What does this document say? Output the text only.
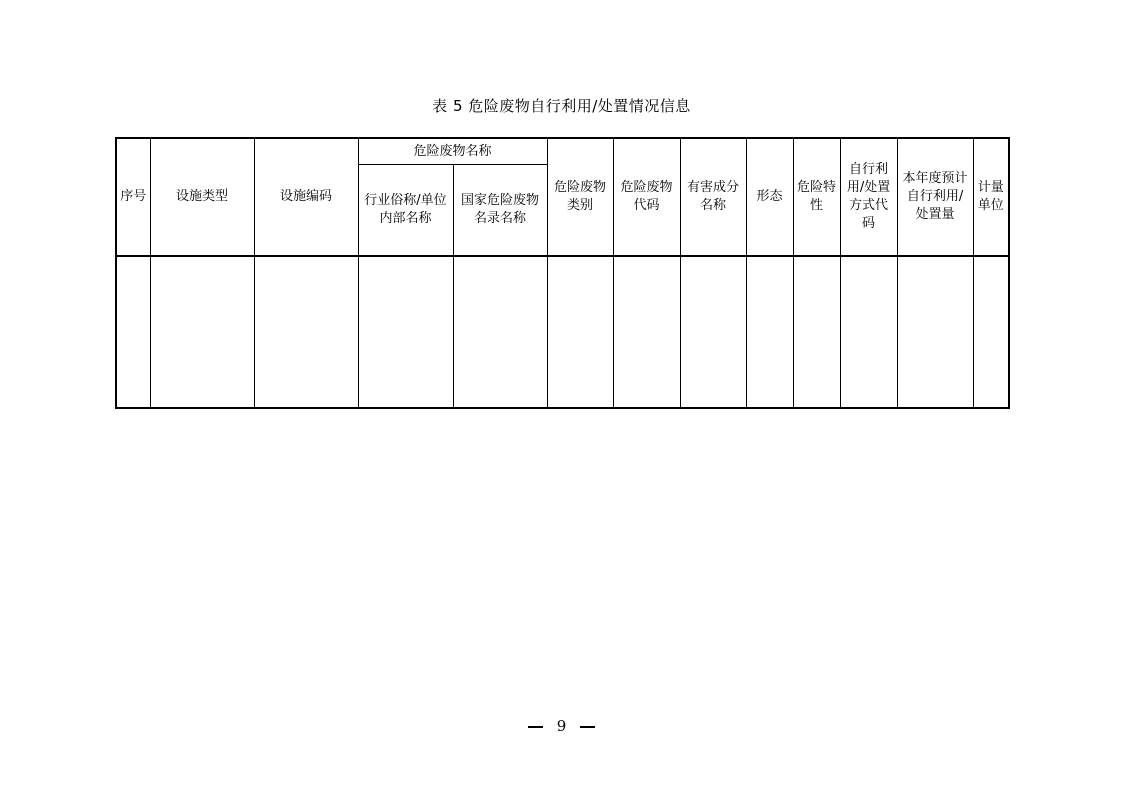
表 5 危险废物自行利用/处置情况信息
序号	设施类型	设施编码	危险废物名称		危险废物类别	危险废物代码	有害成分名称	形态	危险特性	自行利用/处置方式代码	本年度预计自行利用/处置量	计量单位
			行业俗称/单位内部名称	国家危险废物名录名称								

9
